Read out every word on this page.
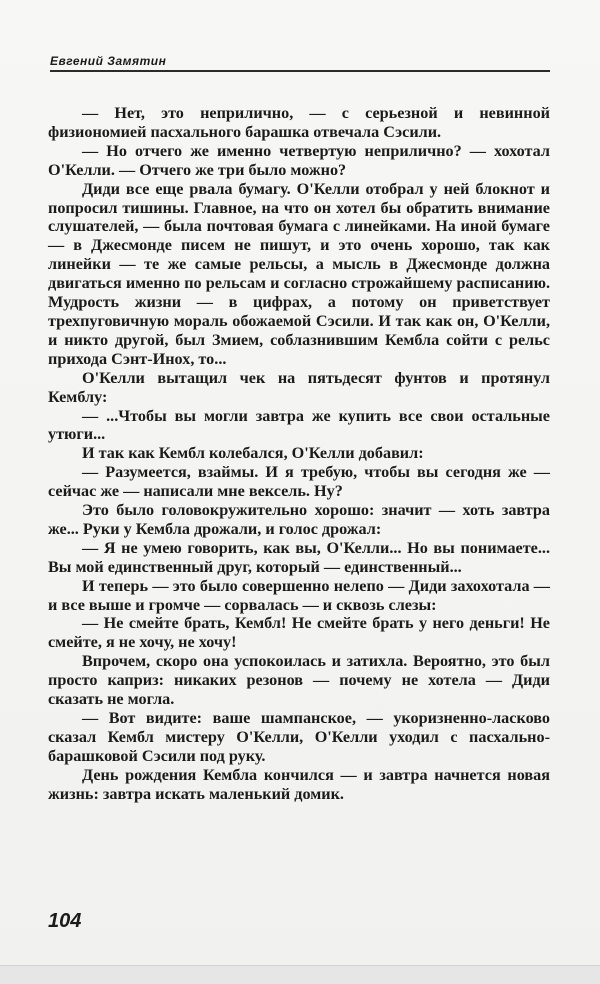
Евгений Замятин

— Нет, это неприлично, — с серьезной и невинной физиономией пасхального барашка отвечала Сэсили.

— Но отчего же именно четвертую неприлично? — хохотал О'Келли. — Отчего же три было можно?

Диди все еще рвала бумагу. О'Келли отобрал у ней блокнот и попросил тишины. Главное, на что он хотел бы обратить внимание слушателей, — была почтовая бумага с линейками. На иной бумаге — в Джесмонде писем не пишут, и это очень хорошо, так как линейки — те же самые рельсы, а мысль в Джесмонде должна двигаться именно по рельсам и согласно строжайшему расписанию. Мудрость жизни — в цифрах, а потому он приветствует трехпуговичную мораль обожаемой Сэсили. И так как он, О'Келли, и никто другой, был Змием, соблазнившим Кембла сойти с рельс прихода Сэнт-Инох, то...

О'Келли вытащил чек на пятьдесят фунтов и протянул Кемблу:

— ...Чтобы вы могли завтра же купить все свои остальные утюги...

И так как Кембл колебался, О'Келли добавил:

— Разумеется, взаймы. И я требую, чтобы вы сегодня же — сейчас же — написали мне вексель. Ну?

Это было головокружительно хорошо: значит — хоть завтра же... Руки у Кембла дрожали, и голос дрожал:

— Я не умею говорить, как вы, О'Келли... Но вы понимаете... Вы мой единственный друг, который — единственный...

И теперь — это было совершенно нелепо — Диди захохотала — и все выше и громче — сорвалась — и сквозь слезы:

— Не смейте брать, Кембл! Не смейте брать у него деньги! Не смейте, я не хочу, не хочу!

Впрочем, скоро она успокоилась и затихла. Вероятно, это был просто каприз: никаких резонов — почему не хотела — Диди сказать не могла.

— Вот видите: ваше шампанское, — укоризненно-ласково сказал Кембл мистеру О'Келли, О'Келли уходил с пасхально-барашковой Сэсили под руку.

День рождения Кембла кончился — и завтра начнется новая жизнь: завтра искать маленький домик.

104
